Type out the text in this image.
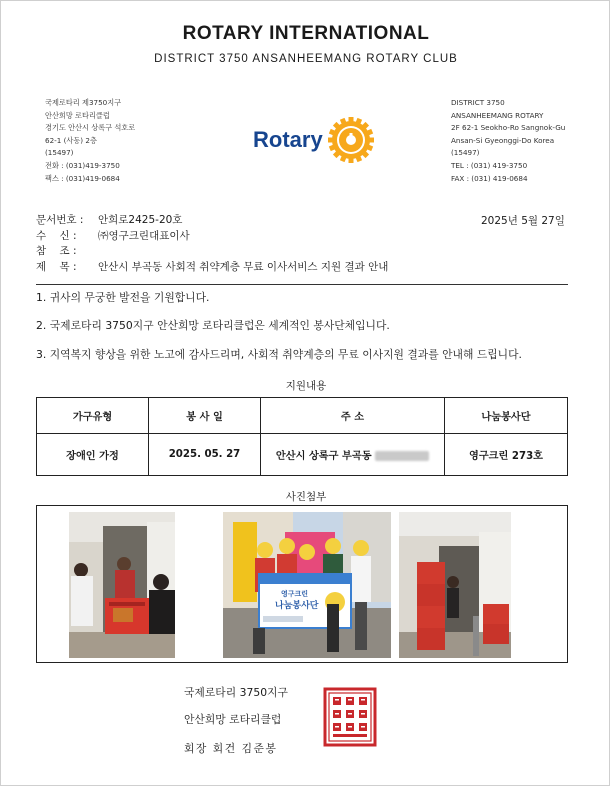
ROTARY INTERNATIONAL
DISTRICT 3750 ANSANHEEMANG ROTARY CLUB
국제로타리 제3750지구
안산희망 로타리클럽
경기도 안산시 상록구 석호로
62-1 (사동) 2층
(15497)
전화 : (031)419-3750
팩스 : (031)419-0684
Rotary
DISTRICT 3750
ANSANHEEMANG ROTARY
2F 62-1 Seokho-Ro Sangnok-Gu
Ansan-Si Gyeonggi-Do Korea
(15497)
TEL : (031) 419-3750
FAX : (031) 419-0684
문서번호 :	안희로2425-20호
수    신 :	㈜영구크린대표이사
참    조 :
제    목 :	안산시 부곡동 사회적 취약계층 무료 이사서비스 지원 결과 안내
2025년 5월 27일
1. 귀사의 무궁한 발전을 기원합니다.
2. 국제로타리 3750지구 안산희망 로타리클럽은 세계적인 봉사단체입니다.
3. 지역복지 향상을 위한 노고에 감사드리며, 사회적 취약계층의 무료 이사지원 결과를 안내해 드립니다.
지원내용
가구유형	봉 사 일	주 소	나눔봉사단
장애인 가정	2025. 05. 27	안산시 상록구 부곡동	영구크린 273호
사진첨부
영구크린
나눔봉사단
국제로타리 3750지구
안산희망 로타리클럽
회장 회건 김준봉
